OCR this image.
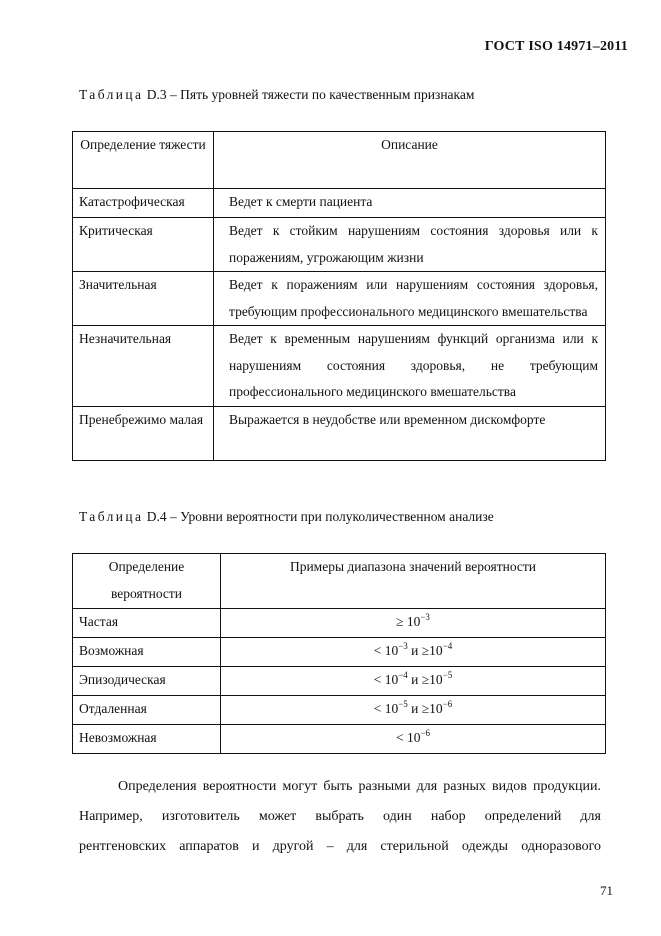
ГОСТ ISO 14971–2011
Таблица D.3 – Пять уровней тяжести по качественным признакам
Определение тяжести	Описание
Катастрофическая	Ведет к смерти пациента
Критическая	Ведет к стойким нарушениям состояния здоровья или к поражениям, угрожающим жизни
Значительная	Ведет к поражениям или нарушениям состояния здоровья, требующим профессионального медицинского вмешательства
Незначительная	Ведет к временным нарушениям функций организма или к нарушениям состояния здоровья, не требующим профессионального медицинского вмешательства
Пренебрежимо малая	Выражается в неудобстве или временном дискомфорте
Таблица D.4 – Уровни вероятности при полуколичественном анализе
Определение вероятности	Примеры диапазона значений вероятности
Частая	≥ $10^{-3}$
Возможная	< $10^{-3}$ $и \ge 10^{-4}$
Эпизодическая	< $10^{-4}$ $и \ge 10^{-5}$
Отдаленная	< $10^{-5}$ $и \ge 10^{-6}$
Невозможная	< $10^{-6}$
Определения вероятности могут быть разными для разных видов продукции.
Например, изготовитель может выбрать один набор определений для
рентгеновских аппаратов и другой – для стерильной одежды одноразового
71
